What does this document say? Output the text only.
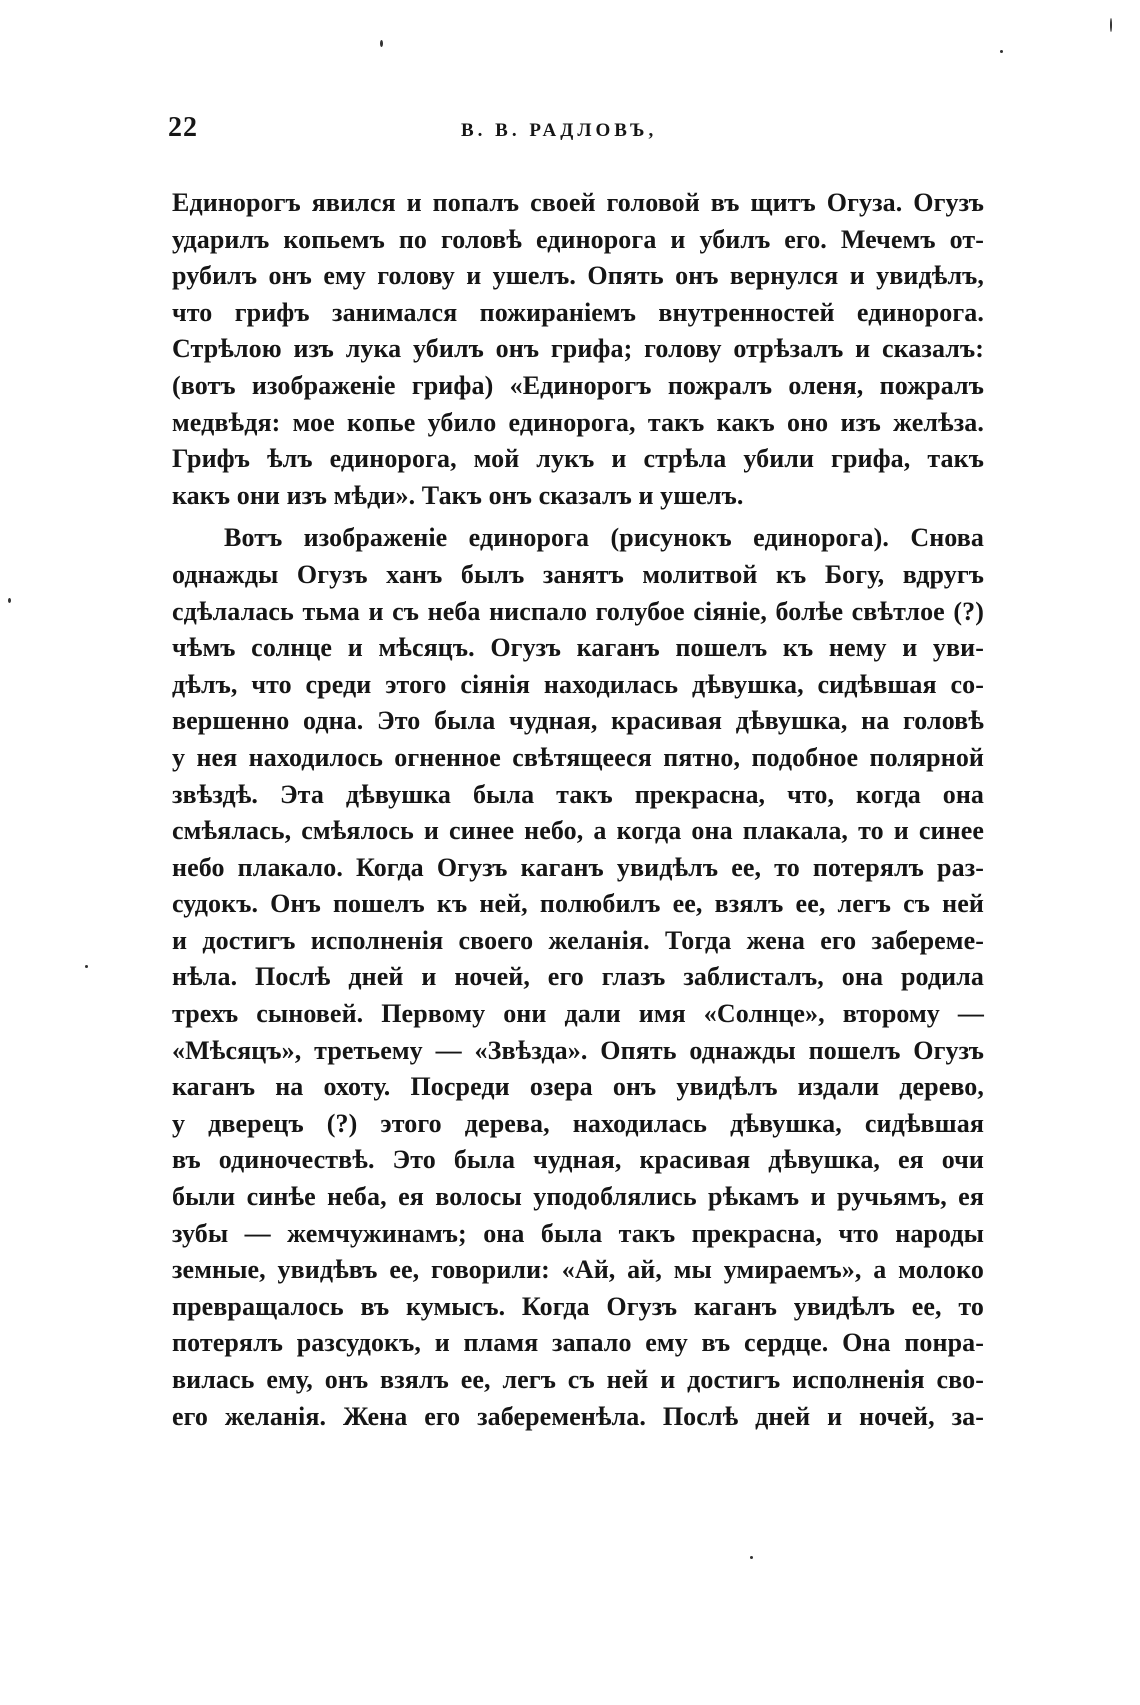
22	В. В. РАДЛОВЪ,
Единорогъ явился и попалъ своей головой въ щитъ Огуза. Огузъ
ударилъ копьемъ по головѣ единорога и убилъ его. Мечемъ от-
рубилъ онъ ему голову и ушелъ. Опять онъ вернулся и увидѣлъ,
что грифъ занимался пожираніемъ внутренностей единорога.
Стрѣлою изъ лука убилъ онъ грифа; голову отрѣзалъ и сказалъ:
(вотъ изображеніе грифа) «Единорогъ пожралъ оленя, пожралъ
медвѣдя: мое копье убило единорога, такъ какъ оно изъ желѣза.
Грифъ ѣлъ единорога, мой лукъ и стрѣла убили грифа, такъ
какъ они изъ мѣди». Такъ онъ сказалъ и ушелъ.
Вотъ изображеніе единорога (рисунокъ единорога). Снова
однажды Огузъ ханъ былъ занятъ молитвой къ Богу, вдругъ
сдѣлалась тьма и съ неба ниспало голубое сіяніе, болѣе свѣтлое (?)
чѣмъ солнце и мѣсяцъ. Огузъ каганъ пошелъ къ нему и уви-
дѣлъ, что среди этого сіянія находилась дѣвушка, сидѣвшая со-
вершенно одна. Это была чудная, красивая дѣвушка, на головѣ
у нея находилось огненное свѣтящееся пятно, подобное полярной
звѣздѣ. Эта дѣвушка была такъ прекрасна, что, когда она
смѣялась, смѣялось и синее небо, а когда она плакала, то и синее
небо плакало. Когда Огузъ каганъ увидѣлъ ее, то потерялъ раз-
судокъ. Онъ пошелъ къ ней, полюбилъ ее, взялъ ее, легъ съ ней
и достигъ исполненія своего желанія. Тогда жена его забереме-
нѣла. Послѣ дней и ночей, его глазъ заблисталъ, она родила
трехъ сыновей. Первому они дали имя «Солнце», второму —
«Мѣсяцъ», третьему — «Звѣзда». Опять однажды пошелъ Огузъ
каганъ на охоту. Посреди озера онъ увидѣлъ издали дерево,
у дверецъ (?) этого дерева, находилась дѣвушка, сидѣвшая
въ одиночествѣ. Это была чудная, красивая дѣвушка, ея очи
были синѣе неба, ея волосы уподоблялись рѣкамъ и ручьямъ, ея
зубы — жемчужинамъ; она была такъ прекрасна, что народы
земные, увидѣвъ ее, говорили: «Ай, ай, мы умираемъ», а молоко
превращалось въ кумысъ. Когда Огузъ каганъ увидѣлъ ее, то
потерялъ разсудокъ, и пламя запало ему въ сердце. Она понра-
вилась ему, онъ взялъ ее, легъ съ ней и достигъ исполненія сво-
его желанія. Жена его забеременѣла. Послѣ дней и ночей, за-
